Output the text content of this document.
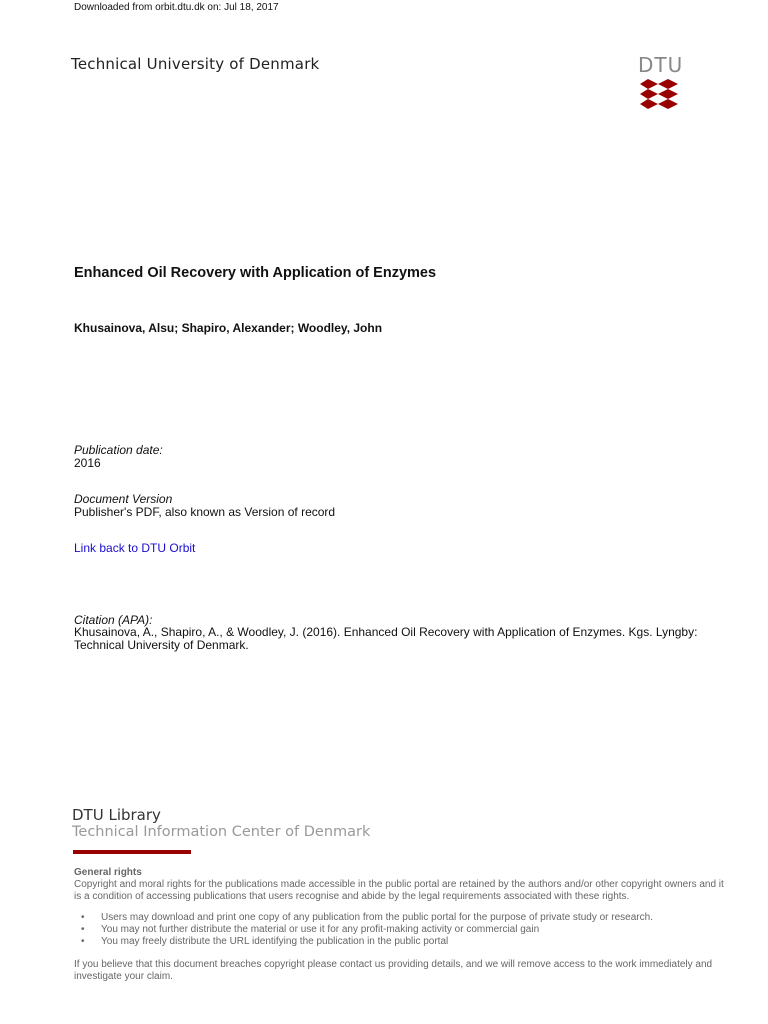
Downloaded from orbit.dtu.dk on: Jul 18, 2017
Technical University of Denmark	DTU
Enhanced Oil Recovery with Application of Enzymes
Khusainova, Alsu; Shapiro, Alexander; Woodley, John
Publication date:
2016
Document Version
Publisher's PDF, also known as Version of record
Link back to DTU Orbit
Citation (APA):
Khusainova, A., Shapiro, A., & Woodley, J. (2016). Enhanced Oil Recovery with Application of Enzymes. Kgs. Lyngby: Technical University of Denmark.
DTU Library
Technical Information Center of Denmark
General rights
Copyright and moral rights for the publications made accessible in the public portal are retained by the authors and/or other copyright owners and it is a condition of accessing publications that users recognise and abide by the legal requirements associated with these rights.
• Users may download and print one copy of any publication from the public portal for the purpose of private study or research.
• You may not further distribute the material or use it for any profit-making activity or commercial gain
• You may freely distribute the URL identifying the publication in the public portal
If you believe that this document breaches copyright please contact us providing details, and we will remove access to the work immediately and investigate your claim.
